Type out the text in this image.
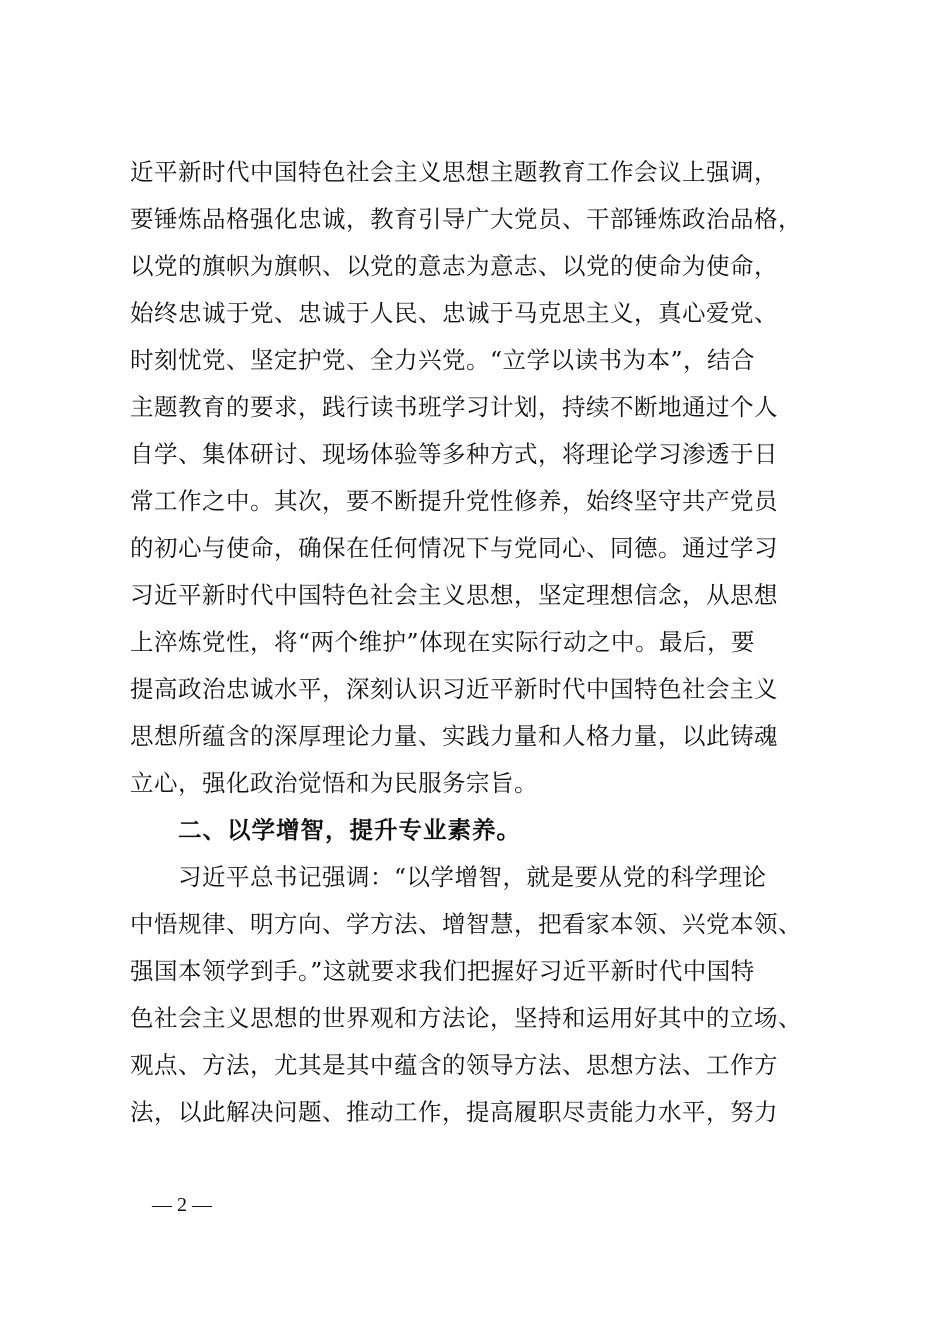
近平新时代中国特色社会主义思想主题教育工作会议上强调，
要锤炼品格强化忠诚，教育引导广大党员、干部锤炼政治品格，
以党的旗帜为旗帜、以党的意志为意志、以党的使命为使命，
始终忠诚于党、忠诚于人民、忠诚于马克思主义，真心爱党、
时刻忧党、坚定护党、全力兴党。“立学以读书为本”，结合
主题教育的要求，践行读书班学习计划，持续不断地通过个人
自学、集体研讨、现场体验等多种方式，将理论学习渗透于日
常工作之中。其次，要不断提升党性修养，始终坚守共产党员
的初心与使命，确保在任何情况下与党同心、同德。通过学习
习近平新时代中国特色社会主义思想，坚定理想信念，从思想
上淬炼党性，将“两个维护”体现在实际行动之中。最后，要
提高政治忠诚水平，深刻认识习近平新时代中国特色社会主义
思想所蕴含的深厚理论力量、实践力量和人格力量，以此铸魂
立心，强化政治觉悟和为民服务宗旨。
二、以学增智，提升专业素养。
习近平总书记强调：“以学增智，就是要从党的科学理论
中悟规律、明方向、学方法、增智慧，把看家本领、兴党本领、
强国本领学到手。”这就要求我们把握好习近平新时代中国特
色社会主义思想的世界观和方法论，坚持和运用好其中的立场、
观点、方法，尤其是其中蕴含的领导方法、思想方法、工作方
法，以此解决问题、推动工作，提高履职尽责能力水平，努力
— 2 —
